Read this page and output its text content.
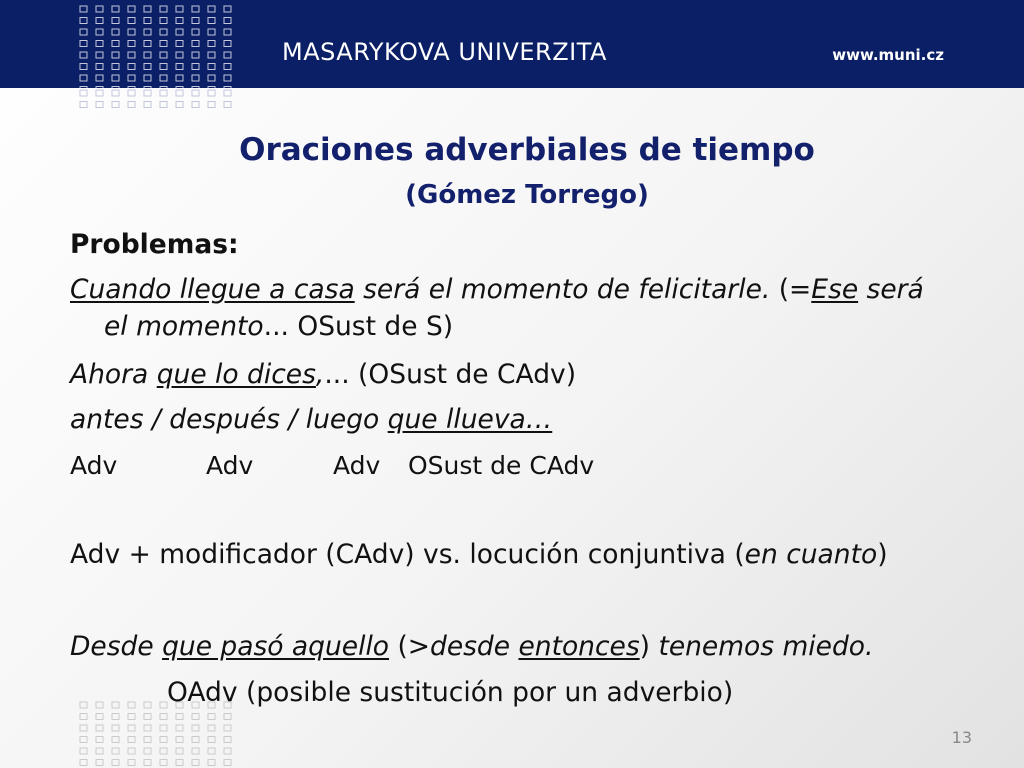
MASARYKOVA UNIVERZITA	www.muni.cz
Oraciones adverbiales de tiempo
(Gómez Torrego)
Problemas:
Cuando llegue a casa será el momento de felicitarle. (=Ese será
el momento... OSust de S)
Ahora que lo dices,... (OSust de CAdv)
antes / después / luego que llueva…
Adv	Adv	Adv OSust de CAdv
Adv + modificador (CAdv) vs. locución conjuntiva (en cuanto)
Desde que pasó aquello (>desde entonces) tenemos miedo.
OAdv (posible sustitución por un adverbio)
13
